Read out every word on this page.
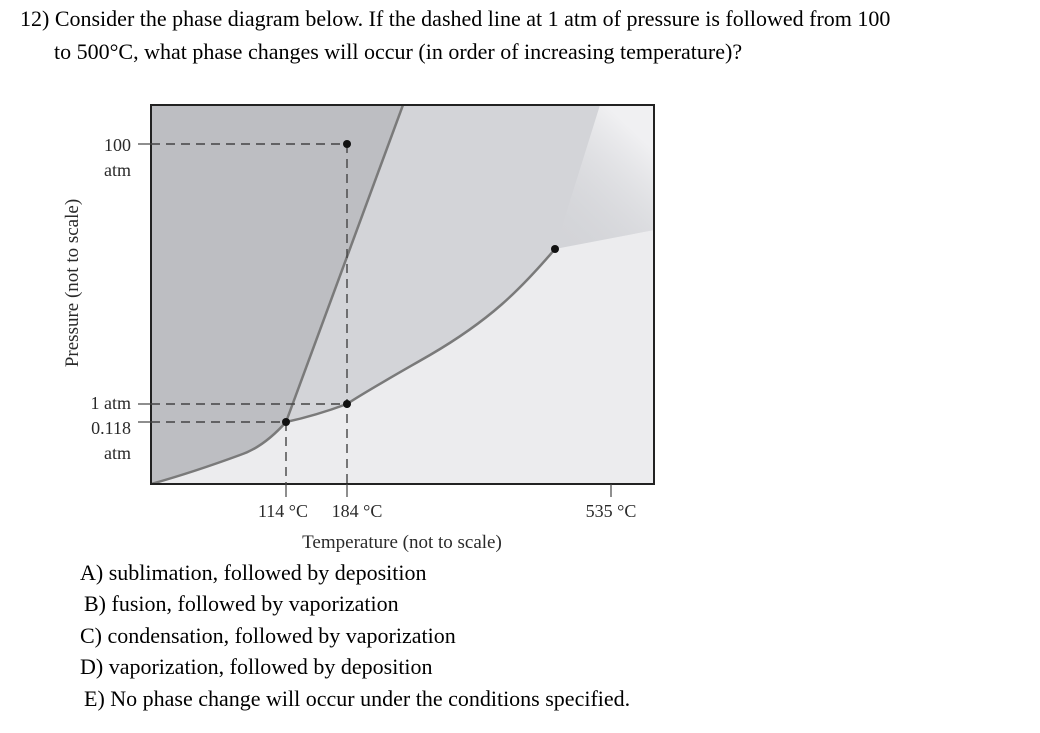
12) Consider the phase diagram below. If the dashed line at 1 atm of pressure is followed from 100
to 500°C, what phase changes will occur (in order of increasing temperature)?
100
atm
1 atm
0.118
atm
114 °C 184 °C	535 °C
Temperature (not to scale)
Pressure (not to scale)
A) sublimation, followed by deposition
B) fusion, followed by vaporization
C) condensation, followed by vaporization
D) vaporization, followed by deposition
E) No phase change will occur under the conditions specified.
